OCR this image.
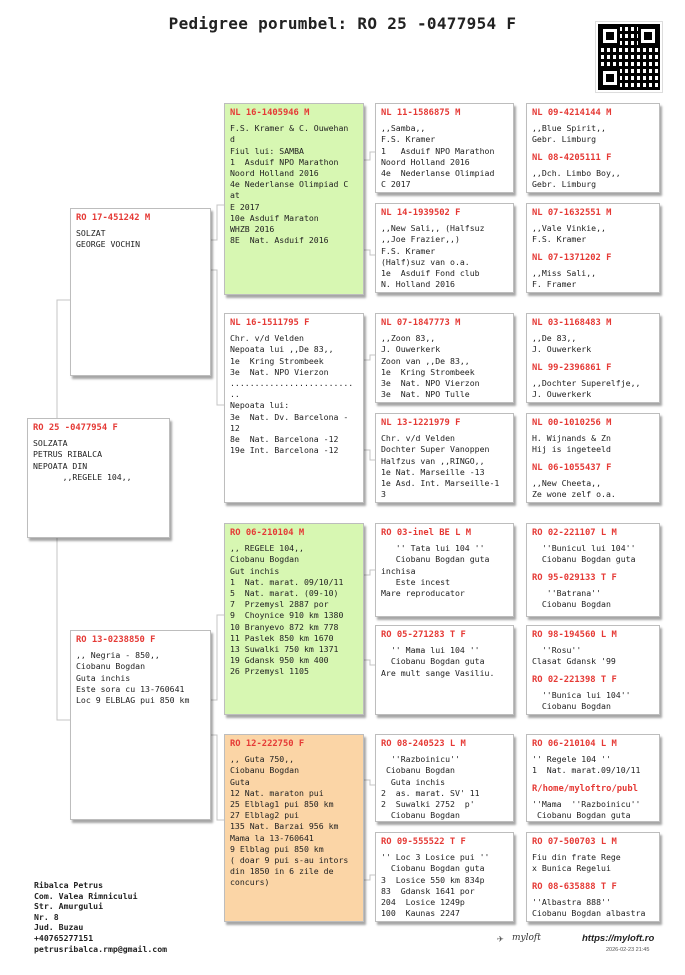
Pedigree porumbel: RO 25 -0477954 F
RO 25 -0477954 F
SOLZATA
PETRUS RIBALCA
NEPOATA DIN
,,REGELE 104,,
RO 17-451242 M
SOLZAT
GEORGE VOCHIN
RO 13-0238850 F
,, Negria - 850,,
Ciobanu Bogdan
Guta inchis
Este sora cu 13-760641
Loc 9 ELBLAG pui 850 km
NL 16-1405946 M
F.S. Kramer & C. Ouwehan
d
Fiul lui: SAMBA
1  Asduif NPO Marathon
Noord Holland 2016
4e Nederlanse Olimpiad C
at
E 2017
10e Asduif Maraton
WHZB 2016
8E  Nat. Asduif 2016
NL 16-1511795 F
Chr. v/d Velden
Nepoata lui ,,De 83,,
1e  Kring Strombeek
3e  Nat. NPO Vierzon
.........................
..
Nepoata lui:
3e  Nat. Dv. Barcelona -
12
8e  Nat. Barcelona -12
19e Int. Barcelona -12
RO 06-210104 M
,, REGELE 104,,
Ciobanu Bogdan
Gut inchis
1  Nat. marat. 09/10/11
5  Nat. marat. (09-10)
7  Przemysl 2887 por
9  Choynice 910 km 1380
10 Branyevo 872 km 778
11 Paslek 850 km 1670
13 Suwalki 750 km 1371
19 Gdansk 950 km 400
26 Przemysl 1105
RO 12-222750 F
,, Guta 750,,
Ciobanu Bogdan
Guta
12 Nat. maraton pui
25 Elblag1 pui 850 km
27 Elblag2 pui
135 Nat. Barzai 956 km
Mama la 13-760641
9 Elblag pui 850 km
( doar 9 pui s-au intors
din 1850 in 6 zile de
concurs)
NL 11-1586875 M
,,Samba,,
F.S. Kramer
1   Asduif NPO Marathon
Noord Holland 2016
4e  Nederlanse Olimpiad
C 2017
NL 14-1939502 F
,,New Sali,, (Halfsuz
,,Joe Frazier,,)
F.S. Kramer
(Half)suz van o.a.
1e  Asduif Fond club
N. Holland 2016
NL 07-1847773 M
,,Zoon 83,,
J. Ouwerkerk
Zoon van ,,De 83,,
1e  Kring Strombeek
3e  Nat. NPO Vierzon
3e  Nat. NPO Tulle
NL 13-1221979 F
Chr. v/d Velden
Dochter Super Vanoppen
Halfzus van ,,RINGO,,
1e Nat. Marseille -13
1e Asd. Int. Marseille-1
3
RO 03-inel BE L M
'' Tata lui 104 ''
Ciobanu Bogdan guta
inchisa
Este incest
Mare reproducator
RO 05-271283 T F
'' Mama lui 104 ''
Ciobanu Bogdan guta
Are mult sange Vasiliu.
RO 08-240523 L M
''Razboinicu''
Ciobanu Bogdan
Guta inchis
2  as. marat. SV' 11
2  Suwalki 2752  p'
Ciobanu Bogdan
RO 09-555522 T F
'' Loc 3 Losice pui ''
Ciobanu Bogdan guta
3  Losice 550 km 834p
83  Gdansk 1641 por
204  Losice 1249p
100  Kaunas 2247
NL 09-4214144 M
,,Blue Spirit,,
Gebr. Limburg
NL 08-4205111 F
,,Dch. Limbo Boy,,
Gebr. Limburg
NL 07-1632551 M
,,Vale Vinkie,,
F.S. Kramer
NL 07-1371202 F
,,Miss Sali,,
F. Framer
NL 03-1168483 M
,,De 83,,
J. Ouwerkerk
NL 99-2396861 F
,,Dochter Superelfje,,
J. Ouwerkerk
NL 00-1010256 M
H. Wijnands & Zn
Hij is ingeteeld
NL 06-1055437 F
,,New Cheeta,,
Ze wone zelf o.a.
RO 02-221107 L M
''Bunicul lui 104''
Ciobanu Bogdan guta
RO 95-029133 T F
''Batrana''
Ciobanu Bogdan
RO 98-194560 L M
''Rosu''
Clasat Gdansk '99
RO 02-221398 T F
''Bunica lui 104''
Ciobanu Bogdan
RO 06-210104 L M
'' Regele 104 ''
1  Nat. marat.09/10/11
R/home/myloftro/publ
''Mama  ''Razboinicu''
Ciobanu Bogdan guta
RO 07-500703 L M
Fiu din frate Rege
x Bunica Regelui
RO 08-635888 T F
''Albastra 888''
Ciobanu Bogdan albastra
Ribalca Petrus
Com. Valea Rimnicului
Str. Amurgului
Nr. 8
Jud. Buzau
+40765277151
petrusribalca.rmp@gmail.com
✈ myloft	https://myloft.ro
2026-02-23 21:45
